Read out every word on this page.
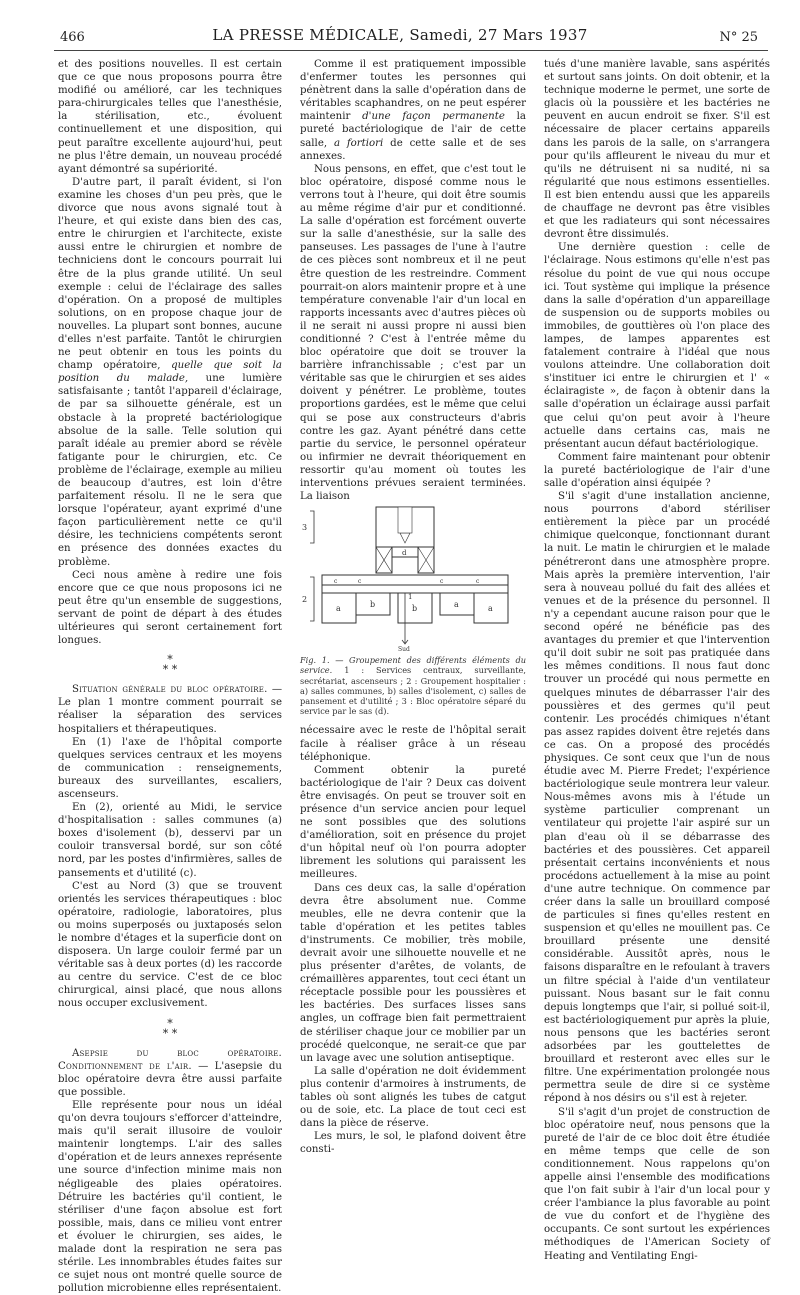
466	LA PRESSE MÉDICALE, Samedi, 27 Mars 1937	N° 25

et des positions nouvelles. Il est certain que ce que nous proposons pourra être modifié ou amélioré, car les techniques para-chirurgicales telles que l'anesthésie, la stérilisation, etc., évoluent continuellement et une disposition, qui peut paraître excellente aujourd'hui, peut ne plus l'être demain, un nouveau procédé ayant démontré sa supériorité.

D'autre part, il paraît évident, si l'on examine les choses d'un peu près, que le divorce que nous avons signalé tout à l'heure, et qui existe dans bien des cas, entre le chirurgien et l'architecte, existe aussi entre le chirurgien et nombre de techniciens dont le concours pourrait lui être de la plus grande utilité. Un seul exemple : celui de l'éclairage des salles d'opération. On a proposé de multiples solutions, on en propose chaque jour de nouvelles. La plupart sont bonnes, aucune d'elles n'est parfaite. Tantôt le chirurgien ne peut obtenir en tous les points du champ opératoire, quelle que soit la position du malade, une lumière satisfaisante ; tantôt l'appareil d'éclairage, de par sa silhouette générale, est un obstacle à la propreté bactériologique absolue de la salle. Telle solution qui paraît idéale au premier abord se révèle fatigante pour le chirurgien, etc. Ce problème de l'éclairage, exemple au milieu de beaucoup d'autres, est loin d'être parfaitement résolu. Il ne le sera que lorsque l'opérateur, ayant exprimé d'une façon particulièrement nette ce qu'il désire, les techniciens compétents seront en présence des données exactes du problème.

Ceci nous amène à redire une fois encore que ce que nous proposons ici ne peut être qu'un ensemble de suggestions, servant de point de départ à des études ultérieures qui seront certainement fort longues.

*
* *

Situation générale du bloc opératoire. — Le plan 1 montre comment pourrait se réaliser la séparation des services hospitaliers et thérapeutiques.

En (1) l'axe de l'hôpital comporte quelques services centraux et les moyens de communication : renseignements, bureaux des surveillantes, escaliers, ascenseurs.

En (2), orienté au Midi, le service d'hospitalisation : salles communes (a) boxes d'isolement (b), desservi par un couloir transversal bordé, sur son côté nord, par les postes d'infirmières, salles de pansements et d'utilité (c).

C'est au Nord (3) que se trouvent orientés les services thérapeutiques : bloc opératoire, radiologie, laboratoires, plus ou moins superposés ou juxtaposés selon le nombre d'étages et la superficie dont on disposera. Un large couloir fermé par un véritable sas à deux portes (d) les raccorde au centre du service. C'est de ce bloc chirurgical, ainsi placé, que nous allons nous occuper exclusivement.

*
* *

Asepsie du bloc opératoire. Conditionnement de l'air. — L'asepsie du bloc opératoire devra être aussi parfaite que possible.

Elle représente pour nous un idéal qu'on devra toujours s'efforcer d'atteindre, mais qu'il serait illusoire de vouloir maintenir longtemps. L'air des salles d'opération et de leurs annexes représente une source d'infection minime mais non négligeable des plaies opératoires. Détruire les bactéries qu'il contient, le stériliser d'une façon absolue est fort possible, mais, dans ce milieu vont entrer et évoluer le chirurgien, ses aides, le malade dont la respiration ne sera pas stérile. Les innombrables études faites sur ce sujet nous ont montré quelle source de pollution microbienne elles représentaient.

Comme il est pratiquement impossible d'enfermer toutes les personnes qui pénètrent dans la salle d'opération dans de véritables scaphandres, on ne peut espérer maintenir d'une façon permanente la pureté bactériologique de l'air de cette salle, a fortiori de cette salle et de ses annexes.

Nous pensons, en effet, que c'est tout le bloc opératoire, disposé comme nous le verrons tout à l'heure, qui doit être soumis au même régime d'air pur et conditionné. La salle d'opération est forcément ouverte sur la salle d'anesthésie, sur la salle des panseuses. Les passages de l'une à l'autre de ces pièces sont nombreux et il ne peut être question de les restreindre. Comment pourrait-on alors maintenir propre et à une température convenable l'air d'un local en rapports incessants avec d'autres pièces où il ne serait ni aussi propre ni aussi bien conditionné ? C'est à l'entrée même du bloc opératoire que doit se trouver la barrière infranchissable ; c'est par un véritable sas que le chirurgien et ses aides doivent y pénétrer. Le problème, toutes proportions gardées, est le même que celui qui se pose aux constructeurs d'abris contre les gaz. Ayant pénétré dans cette partie du service, le personnel opérateur ou infirmier ne devrait théoriquement en ressortir qu'au moment où toutes les interventions prévues seraient terminées. La liaison

3
2
d
c	c	c	c
a	b	b	a	a
1
Sud
Fig. 1. — Groupement des différents éléments du service. 1 : Services centraux, surveillante, secrétariat, ascenseurs ; 2 : Groupement hospitalier : a) salles communes, b) salles d'isolement, c) salles de pansement et d'utilité ; 3 : Bloc opératoire séparé du service par le sas (d).

nécessaire avec le reste de l'hôpital serait facile à réaliser grâce à un réseau téléphonique.

Comment obtenir la pureté bactériologique de l'air ? Deux cas doivent être envisagés. On peut se trouver soit en présence d'un service ancien pour lequel ne sont possibles que des solutions d'amélioration, soit en présence du projet d'un hôpital neuf où l'on pourra adopter librement les solutions qui paraissent les meilleures.

Dans ces deux cas, la salle d'opération devra être absolument nue. Comme meubles, elle ne devra contenir que la table d'opération et les petites tables d'instruments. Ce mobilier, très mobile, devrait avoir une silhouette nouvelle et ne plus présenter d'arêtes, de volants, de crémaillères apparentes, tout ceci étant un réceptacle possible pour les poussières et les bactéries. Des surfaces lisses sans angles, un coffrage bien fait permettraient de stériliser chaque jour ce mobilier par un procédé quelconque, ne serait-ce que par un lavage avec une solution antiseptique.

La salle d'opération ne doit évidemment plus contenir d'armoires à instruments, de tables où sont alignés les tubes de catgut ou de soie, etc. La place de tout ceci est dans la pièce de réserve.

Les murs, le sol, le plafond doivent être consti-

tués d'une manière lavable, sans aspérités et surtout sans joints. On doit obtenir, et la technique moderne le permet, une sorte de glacis où la poussière et les bactéries ne peuvent en aucun endroit se fixer. S'il est nécessaire de placer certains appareils dans les parois de la salle, on s'arrangera pour qu'ils affleurent le niveau du mur et qu'ils ne détruisent ni sa nudité, ni sa régularité que nous estimons essentielles. Il est bien entendu aussi que les appareils de chauffage ne devront pas être visibles et que les radiateurs qui sont nécessaires devront être dissimulés.

Une dernière question : celle de l'éclairage. Nous estimons qu'elle n'est pas résolue du point de vue qui nous occupe ici. Tout système qui implique la présence dans la salle d'opération d'un appareillage de suspension ou de supports mobiles ou immobiles, de gouttières où l'on place des lampes, de lampes apparentes est fatalement contraire à l'idéal que nous voulons atteindre. Une collaboration doit s'instituer ici entre le chirurgien et l' « éclairagiste », de façon à obtenir dans la salle d'opération un éclairage aussi parfait que celui qu'on peut avoir à l'heure actuelle dans certains cas, mais ne présentant aucun défaut bactériologique.

Comment faire maintenant pour obtenir la pureté bactériologique de l'air d'une salle d'opération ainsi équipée ?

S'il s'agit d'une installation ancienne, nous pourrons d'abord stériliser entièrement la pièce par un procédé chimique quelconque, fonctionnant durant la nuit. Le matin le chirurgien et le malade pénétreront dans une atmosphère propre. Mais après la première intervention, l'air sera à nouveau pollué du fait des allées et venues et de la présence du personnel. Il n'y a cependant aucune raison pour que le second opéré ne bénéficie pas des avantages du premier et que l'intervention qu'il doit subir ne soit pas pratiquée dans les mêmes conditions. Il nous faut donc trouver un procédé qui nous permette en quelques minutes de débarrasser l'air des poussières et des germes qu'il peut contenir. Les procédés chimiques n'étant pas assez rapides doivent être rejetés dans ce cas. On a proposé des procédés physiques. Ce sont ceux que l'un de nous étudie avec M. Pierre Fredet; l'expérience bactériologique seule montrera leur valeur. Nous-mêmes avons mis à l'étude un système particulier comprenant un ventilateur qui projette l'air aspiré sur un plan d'eau où il se débarrasse des bactéries et des poussières. Cet appareil présentait certains inconvénients et nous procédons actuellement à la mise au point d'une autre technique. On commence par créer dans la salle un brouillard composé de particules si fines qu'elles restent en suspension et qu'elles ne mouillent pas. Ce brouillard présente une densité considérable. Aussitôt après, nous le faisons disparaître en le refoulant à travers un filtre spécial à l'aide d'un ventilateur puissant. Nous basant sur le fait connu depuis longtemps que l'air, si pollué soit-il, est bactériologiquement pur après la pluie, nous pensons que les bactéries seront adsorbées par les gouttelettes de brouillard et resteront avec elles sur le filtre. Une expérimentation prolongée nous permettra seule de dire si ce système répond à nos désirs ou s'il est à rejeter.

S'il s'agit d'un projet de construction de bloc opératoire neuf, nous pensons que la pureté de l'air de ce bloc doit être étudiée en même temps que celle de son conditionnement. Nous rappelons qu'on appelle ainsi l'ensemble des modifications que l'on fait subir à l'air d'un local pour y créer l'ambiance la plus favorable au point de vue du confort et de l'hygiène des occupants. Ce sont surtout les expériences méthodiques de l'American Society of Heating and Ventilating Engi-
